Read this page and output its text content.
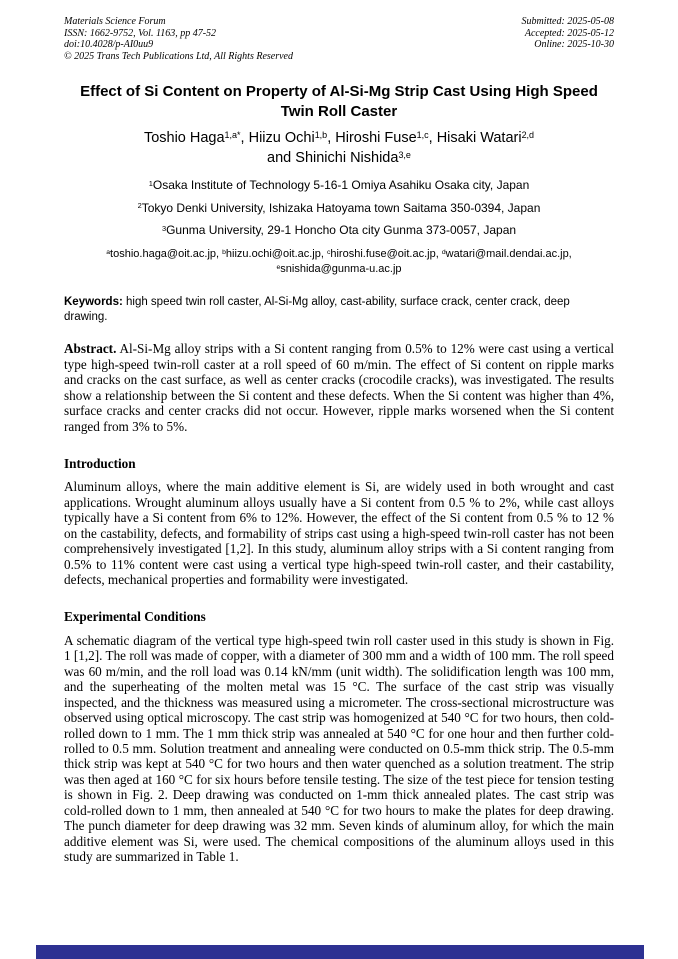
Materials Science Forum
ISSN: 1662-9752, Vol. 1163, pp 47-52
doi:10.4028/p-AI0uu9
© 2025 Trans Tech Publications Ltd, All Rights Reserved
Submitted: 2025-05-08
Accepted: 2025-05-12
Online: 2025-10-30
Effect of Si Content on Property of Al-Si-Mg Strip Cast Using High Speed Twin Roll Caster
Toshio Haga$^{1,a*}$, Hiizu Ochi$^{1,b}$, Hiroshi Fuse$^{1,c}$, Hisaki Watari$^{2,d}$
and Shinichi Nishida$^{3,e}$
$^1$Osaka Institute of Technology 5-16-1 Omiya Asahiku Osaka city, Japan
$^2$Tokyo Denki University, Ishizaka Hatoyama town Saitama 350-0394, Japan
$^3$Gunma University, 29-1 Honcho Ota city Gunma 373-0057, Japan
$^a$toshio.haga@oit.ac.jp, $^b$hiizu.ochi@oit.ac.jp, $^c$hiroshi.fuse@oit.ac.jp, $^d$watari@mail.dendai.ac.jp,
$^e$snishida@gunma-u.ac.jp

Keywords: high speed twin roll caster, Al-Si-Mg alloy, cast-ability, surface crack, center crack, deep drawing.

Abstract. Al-Si-Mg alloy strips with a Si content ranging from 0.5% to 12% were cast using a vertical type high-speed twin-roll caster at a roll speed of 60 m/min. The effect of Si content on ripple marks and cracks on the cast surface, as well as center cracks (crocodile cracks), was investigated. The results show a relationship between the Si content and these defects. When the Si content was higher than 4%, surface cracks and center cracks did not occur. However, ripple marks worsened when the Si content ranged from 3% to 5%.

Introduction

Aluminum alloys, where the main additive element is Si, are widely used in both wrought and cast applications. Wrought aluminum alloys usually have a Si content from 0.5 % to 2%, while cast alloys typically have a Si content from 6% to 12%. However, the effect of the Si content from 0.5 % to 12 % on the castability, defects, and formability of strips cast using a high-speed twin-roll caster has not been comprehensively investigated [1,2]. In this study, aluminum alloy strips with a Si content ranging from 0.5% to 11% content were cast using a vertical type high-speed twin-roll caster, and their castability, defects, mechanical properties and formability were investigated.

Experimental Conditions

A schematic diagram of the vertical type high-speed twin roll caster used in this study is shown in Fig. 1 [1,2]. The roll was made of copper, with a diameter of 300 mm and a width of 100 mm. The roll speed was 60 m/min, and the roll load was 0.14 kN/mm (unit width). The solidification length was 100 mm, and the superheating of the molten metal was 15 °C. The surface of the cast strip was visually inspected, and the thickness was measured using a micrometer. The cross-sectional microstructure was observed using optical microscopy. The cast strip was homogenized at 540 °C for two hours, then cold-rolled down to 1 mm. The 1 mm thick strip was annealed at 540 °C for one hour and then further cold-rolled to 0.5 mm. Solution treatment and annealing were conducted on 0.5-mm thick strip. The 0.5-mm thick strip was kept at 540 °C for two hours and then water quenched as a solution treatment. The strip was then aged at 160 °C for six hours before tensile testing. The size of the test piece for tension testing is shown in Fig. 2. Deep drawing was conducted on 1-mm thick annealed plates. The cast strip was cold-rolled down to 1 mm, then annealed at 540 °C for two hours to make the plates for deep drawing. The punch diameter for deep drawing was 32 mm. Seven kinds of aluminum alloy, for which the main additive element was Si, were used. The chemical compositions of the aluminum alloys used in this study are summarized in Table 1.
